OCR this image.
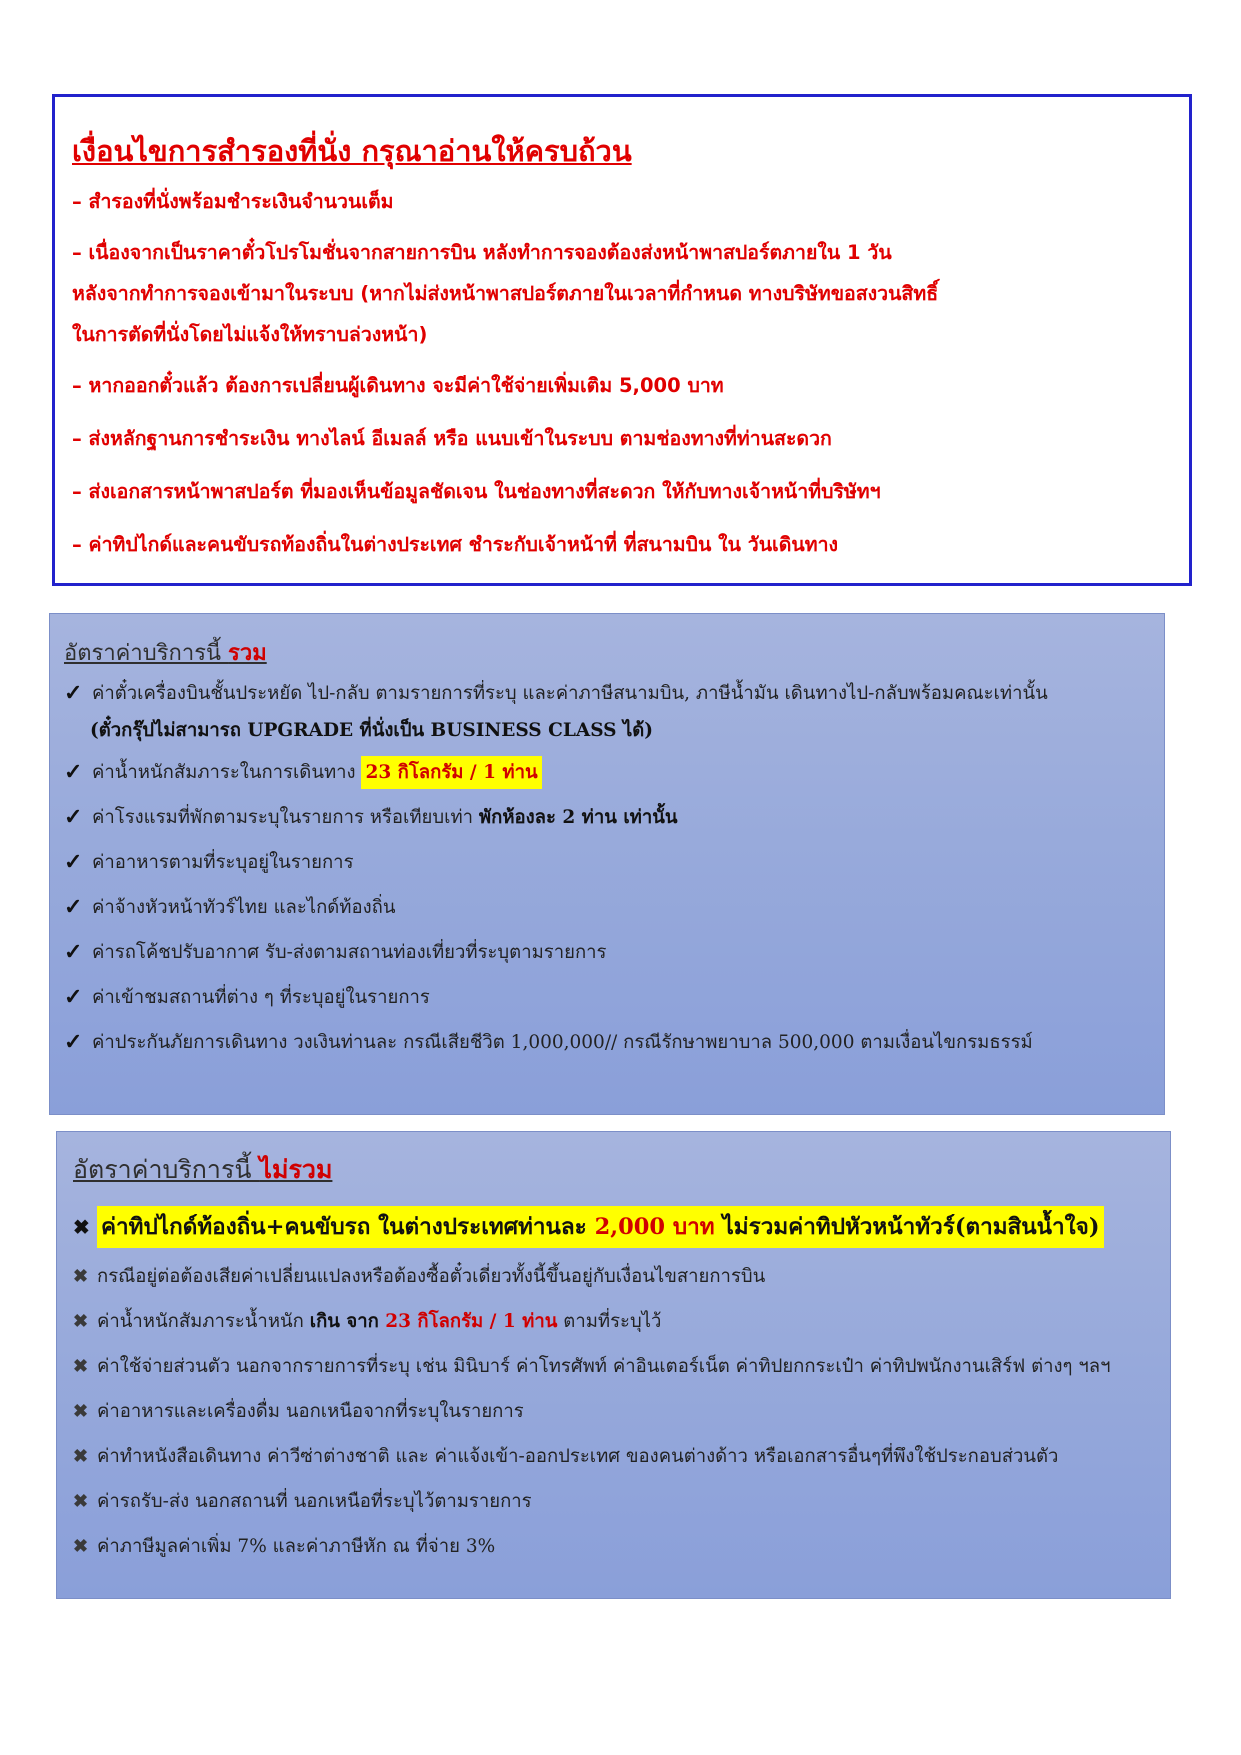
เงื่อนไขการสำรองที่นั่ง กรุณาอ่านให้ครบถ้วน
– สำรองที่นั่งพร้อมชำระเงินจำนวนเต็ม
– เนื่องจากเป็นราคาตั๋วโปรโมชั่นจากสายการบิน หลังทำการจองต้องส่งหน้าพาสปอร์ตภายใน 1 วัน
หลังจากทำการจองเข้ามาในระบบ (หากไม่ส่งหน้าพาสปอร์ตภายในเวลาที่กำหนด ทางบริษัทขอสงวนสิทธิ์
ในการตัดที่นั่งโดยไม่แจ้งให้ทราบล่วงหน้า)
– หากออกตั๋วแล้ว ต้องการเปลี่ยนผู้เดินทาง จะมีค่าใช้จ่ายเพิ่มเติม 5,000 บาท
– ส่งหลักฐานการชำระเงิน ทางไลน์ อีเมลล์ หรือ แนบเข้าในระบบ ตามช่องทางที่ท่านสะดวก
– ส่งเอกสารหน้าพาสปอร์ต ที่มองเห็นข้อมูลชัดเจน ในช่องทางที่สะดวก ให้กับทางเจ้าหน้าที่บริษัทฯ
– ค่าทิปไกด์และคนขับรถท้องถิ่นในต่างประเทศ ชำระกับเจ้าหน้าที่ ที่สนามบิน ใน วันเดินทาง
อัตราค่าบริการนี้ รวม
✓ ค่าตั๋วเครื่องบินชั้นประหยัด ไป-กลับ ตามรายการที่ระบุ และค่าภาษีสนามบิน, ภาษีน้ำมัน เดินทางไป-กลับพร้อมคณะเท่านั้น
(ตั๋วกรุ๊ปไม่สามารถ UPGRADE ที่นั่งเป็น BUSINESS CLASS ได้)
✓ ค่าน้ำหนักสัมภาระในการเดินทาง 23 กิโลกรัม / 1 ท่าน
✓ ค่าโรงแรมที่พักตามระบุในรายการ หรือเทียบเท่า พักห้องละ 2 ท่าน เท่านั้น
✓ ค่าอาหารตามที่ระบุอยู่ในรายการ
✓ ค่าจ้างหัวหน้าทัวร์ไทย และไกด์ท้องถิ่น
✓ ค่ารถโค้ชปรับอากาศ รับ-ส่งตามสถานท่องเที่ยวที่ระบุตามรายการ
✓ ค่าเข้าชมสถานที่ต่าง ๆ ที่ระบุอยู่ในรายการ
✓ ค่าประกันภัยการเดินทาง วงเงินท่านละ กรณีเสียชีวิต 1,000,000// กรณีรักษาพยาบาล 500,000 ตามเงื่อนไขกรมธรรม์
อัตราค่าบริการนี้ ไม่รวม
✖ ค่าทิปไกด์ท้องถิ่น+คนขับรถ ในต่างประเทศท่านละ 2,000 บาท ไม่รวมค่าทิปหัวหน้าทัวร์(ตามสินน้ำใจ)
✖ กรณีอยู่ต่อต้องเสียค่าเปลี่ยนแปลงหรือต้องซื้อตั๋วเดี่ยวทั้งนี้ขึ้นอยู่กับเงื่อนไขสายการบิน
✖ ค่าน้ำหนักสัมภาระน้ำหนัก เกิน จาก 23 กิโลกรัม / 1 ท่าน ตามที่ระบุไว้
✖ ค่าใช้จ่ายส่วนตัว นอกจากรายการที่ระบุ เช่น มินิบาร์ ค่าโทรศัพท์ ค่าอินเตอร์เน็ต ค่าทิปยกกระเป๋า ค่าทิปพนักงานเสิร์ฟ ต่างๆ ฯลฯ
✖ ค่าอาหารและเครื่องดื่ม นอกเหนือจากที่ระบุในรายการ
✖ ค่าทำหนังสือเดินทาง ค่าวีซ่าต่างชาติ และ ค่าแจ้งเข้า-ออกประเทศ ของคนต่างด้าว หรือเอกสารอื่นๆที่พึงใช้ประกอบส่วนตัว
✖ ค่ารถรับ-ส่ง นอกสถานที่ นอกเหนือที่ระบุไว้ตามรายการ
✖ ค่าภาษีมูลค่าเพิ่ม 7% และค่าภาษีหัก ณ ที่จ่าย 3%
